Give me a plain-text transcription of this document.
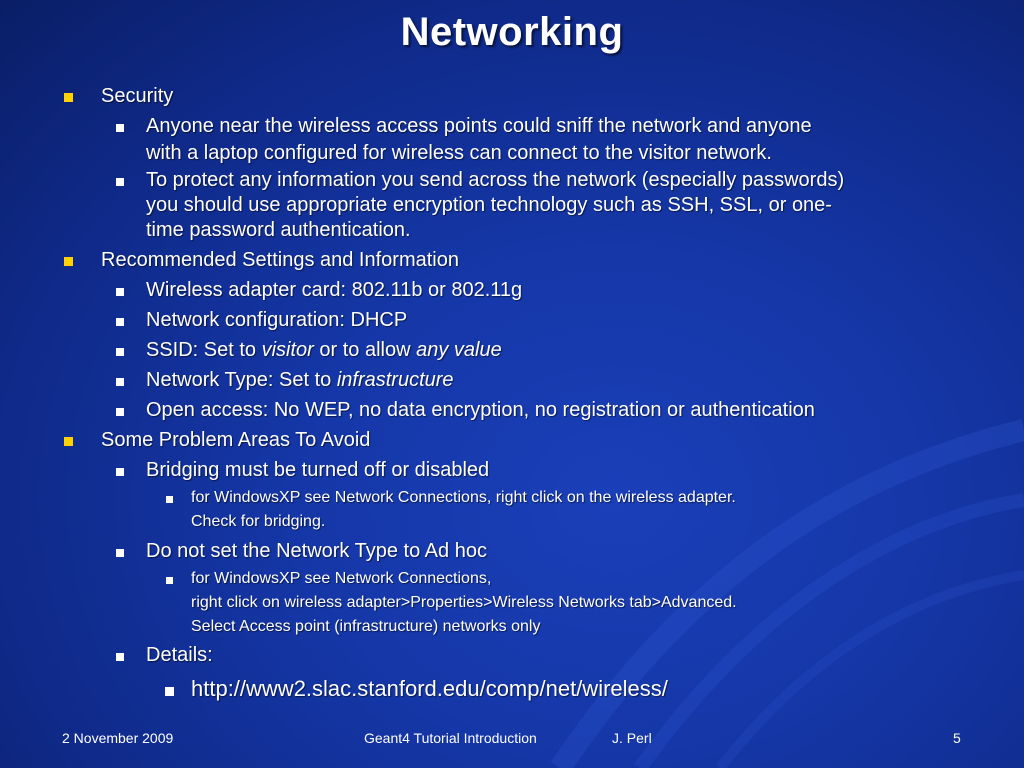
Networking
Security
Anyone near the wireless access points could sniff the network and anyone
with a laptop configured for wireless can connect to the visitor network.
To protect any information you send across the network (especially passwords)
you should use appropriate encryption technology such as SSH, SSL, or one-
time password authentication.
Recommended Settings and Information
Wireless adapter card: 802.11b or 802.11g
Network configuration: DHCP
SSID: Set to visitor or to allow any value
Network Type: Set to infrastructure
Open access: No WEP, no data encryption, no registration or authentication
Some Problem Areas To Avoid
Bridging must be turned off or disabled
for WindowsXP see Network Connections, right click on the wireless adapter.
Check for bridging.
Do not set the Network Type to Ad hoc
for WindowsXP see Network Connections,
right click on wireless adapter>Properties>Wireless Networks tab>Advanced.
Select Access point (infrastructure) networks only
Details:
http://www2.slac.stanford.edu/comp/net/wireless/
2 November 2009	Geant4 Tutorial Introduction	J. Perl	5
